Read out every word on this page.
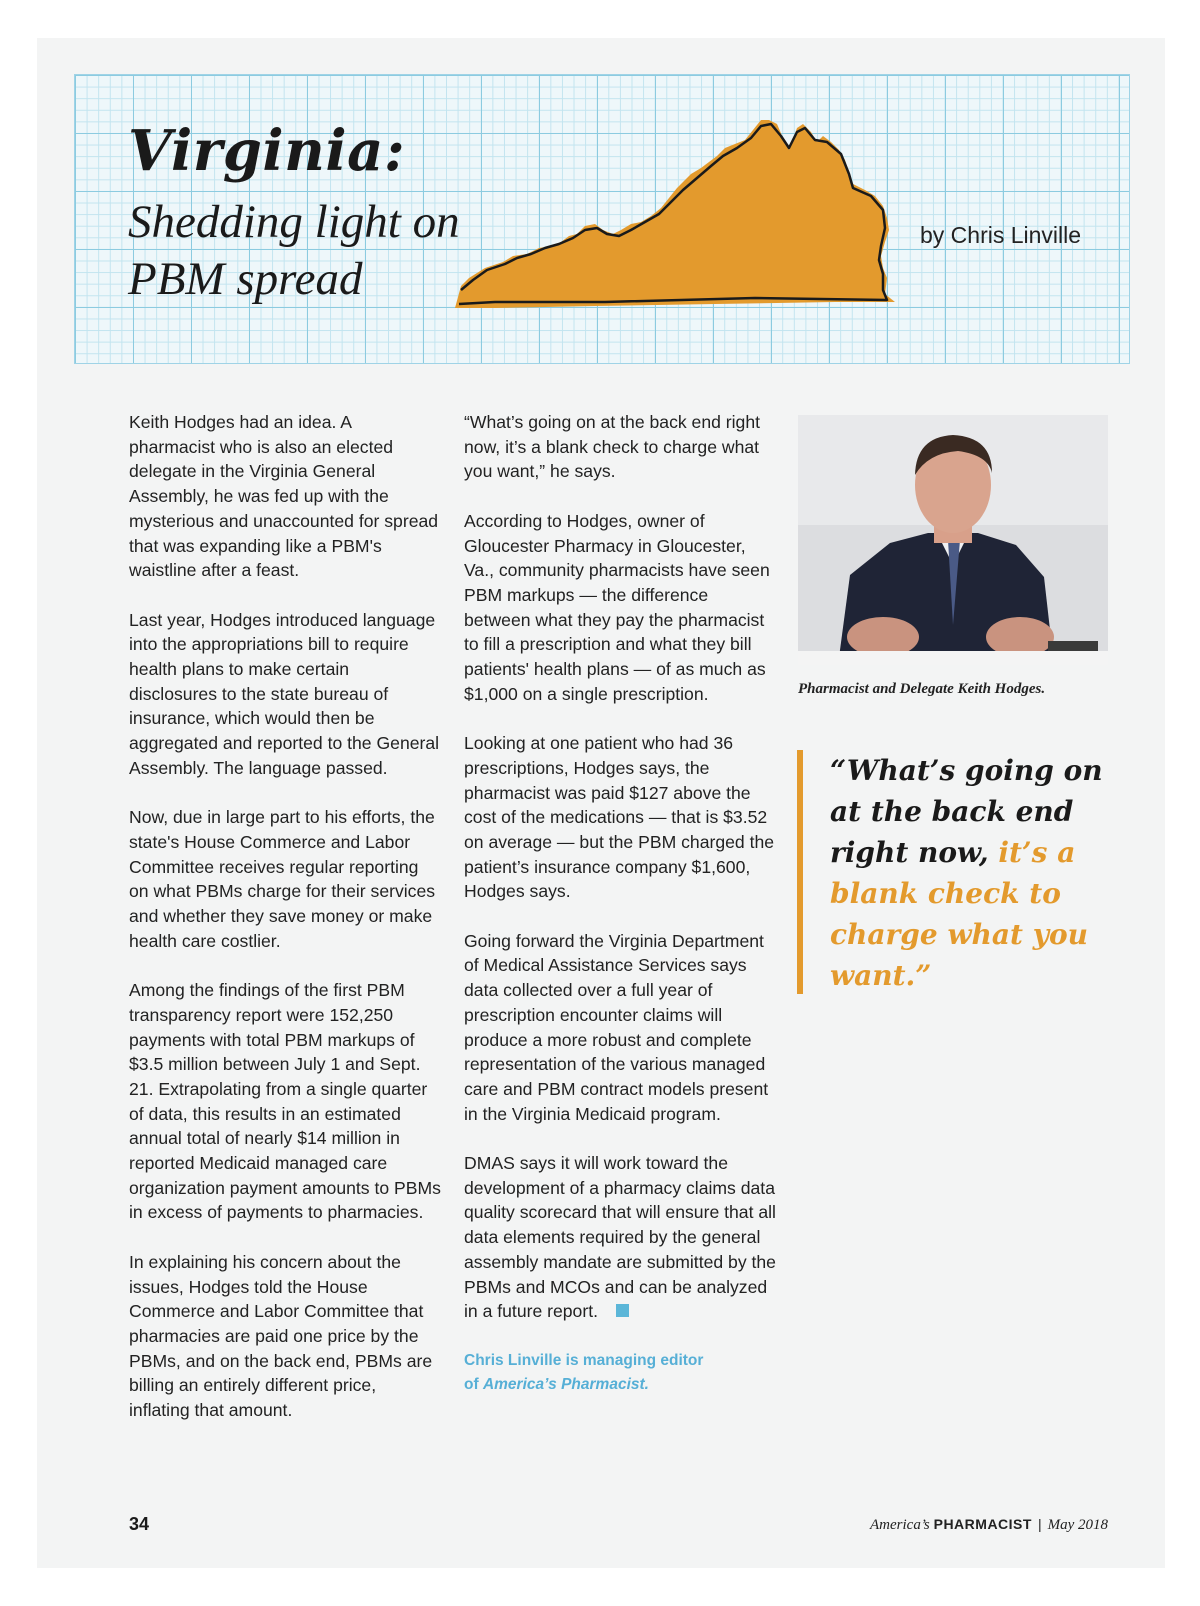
Virginia:
Shedding light on PBM spread
by Chris Linville

Keith Hodges had an idea. A pharmacist who is also an elected delegate in the Virginia General Assembly, he was fed up with the mysterious and unaccounted for spread that was expanding like a PBM's waistline after a feast.

Last year, Hodges introduced language into the appropriations bill to require health plans to make certain disclosures to the state bureau of insurance, which would then be aggregated and reported to the General Assembly. The language passed.

Now, due in large part to his efforts, the state's House Commerce and Labor Committee receives regular reporting on what PBMs charge for their services and whether they save money or make health care costlier.

Among the findings of the first PBM transparency report were 152,250 payments with total PBM markups of $3.5 million between July 1 and Sept. 21. Extrapolating from a single quarter of data, this results in an estimated annual total of nearly $14 million in reported Medicaid managed care organization payment amounts to PBMs in excess of payments to pharmacies.

In explaining his concern about the issues, Hodges told the House Commerce and Labor Committee that pharmacies are paid one price by the PBMs, and on the back end, PBMs are billing an entirely different price, inflating that amount.

“What’s going on at the back end right now, it’s a blank check to charge what you want,” he says.

According to Hodges, owner of Gloucester Pharmacy in Gloucester, Va., community pharmacists have seen PBM markups — the difference between what they pay the pharmacist to fill a prescription and what they bill patients' health plans — of as much as $1,000 on a single prescription.

Looking at one patient who had 36 prescriptions, Hodges says, the pharmacist was paid $127 above the cost of the medications — that is $3.52 on average — but the PBM charged the patient’s insurance company $1,600, Hodges says.

Going forward the Virginia Department of Medical Assistance Services says data collected over a full year of prescription encounter claims will produce a more robust and complete representation of the various managed care and PBM contract models present in the Virginia Medicaid program.

DMAS says it will work toward the development of a pharmacy claims data quality scorecard that will ensure that all data elements required by the general assembly mandate are submitted by the PBMs and MCOs and can be analyzed in a future report.

Chris Linville is managing editor
of America’s Pharmacist.
Pharmacist and Delegate Keith Hodges.
“What’s going on at the back end right now, it’s a blank check to charge what you want.”
34	America’s PHARMACIST | May 2018
